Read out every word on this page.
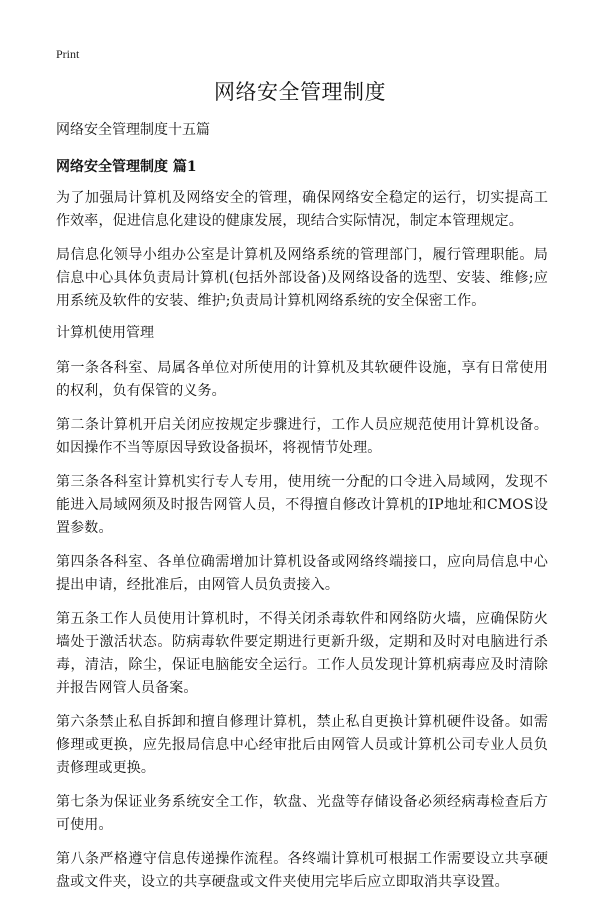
Print
网络安全管理制度

网络安全管理制度十五篇

网络安全管理制度 篇1

为了加强局计算机及网络安全的管理，确保网络安全稳定的运行，切实提高工作效率，促进信息化建设的健康发展，现结合实际情况，制定本管理规定。

局信息化领导小组办公室是计算机及网络系统的管理部门，履行管理职能。局信息中心具体负责局计算机(包括外部设备)及网络设备的选型、安装、维修;应用系统及软件的安装、维护;负责局计算机网络系统的安全保密工作。

计算机使用管理

第一条各科室、局属各单位对所使用的计算机及其软硬件设施，享有日常使用的权利，负有保管的义务。

第二条计算机开启关闭应按规定步骤进行，工作人员应规范使用计算机设备。如因操作不当等原因导致设备损坏，将视情节处理。

第三条各科室计算机实行专人专用，使用统一分配的口令进入局域网，发现不能进入局域网须及时报告网管人员，不得擅自修改计算机的IP地址和CMOS设置参数。

第四条各科室、各单位确需增加计算机设备或网络终端接口，应向局信息中心提出申请，经批准后，由网管人员负责接入。

第五条工作人员使用计算机时，不得关闭杀毒软件和网络防火墙，应确保防火墙处于激活状态。防病毒软件要定期进行更新升级，定期和及时对电脑进行杀毒，清洁，除尘，保证电脑能安全运行。工作人员发现计算机病毒应及时清除并报告网管人员备案。

第六条禁止私自拆卸和擅自修理计算机，禁止私自更换计算机硬件设备。如需修理或更换，应先报局信息中心经审批后由网管人员或计算机公司专业人员负责修理或更换。

第七条为保证业务系统安全工作，软盘、光盘等存储设备必须经病毒检查后方可使用。

第八条严格遵守信息传递操作流程。各终端计算机可根据工作需要设立共享硬盘或文件夹，设立的共享硬盘或文件夹使用完毕后应立即取消共享设置。
